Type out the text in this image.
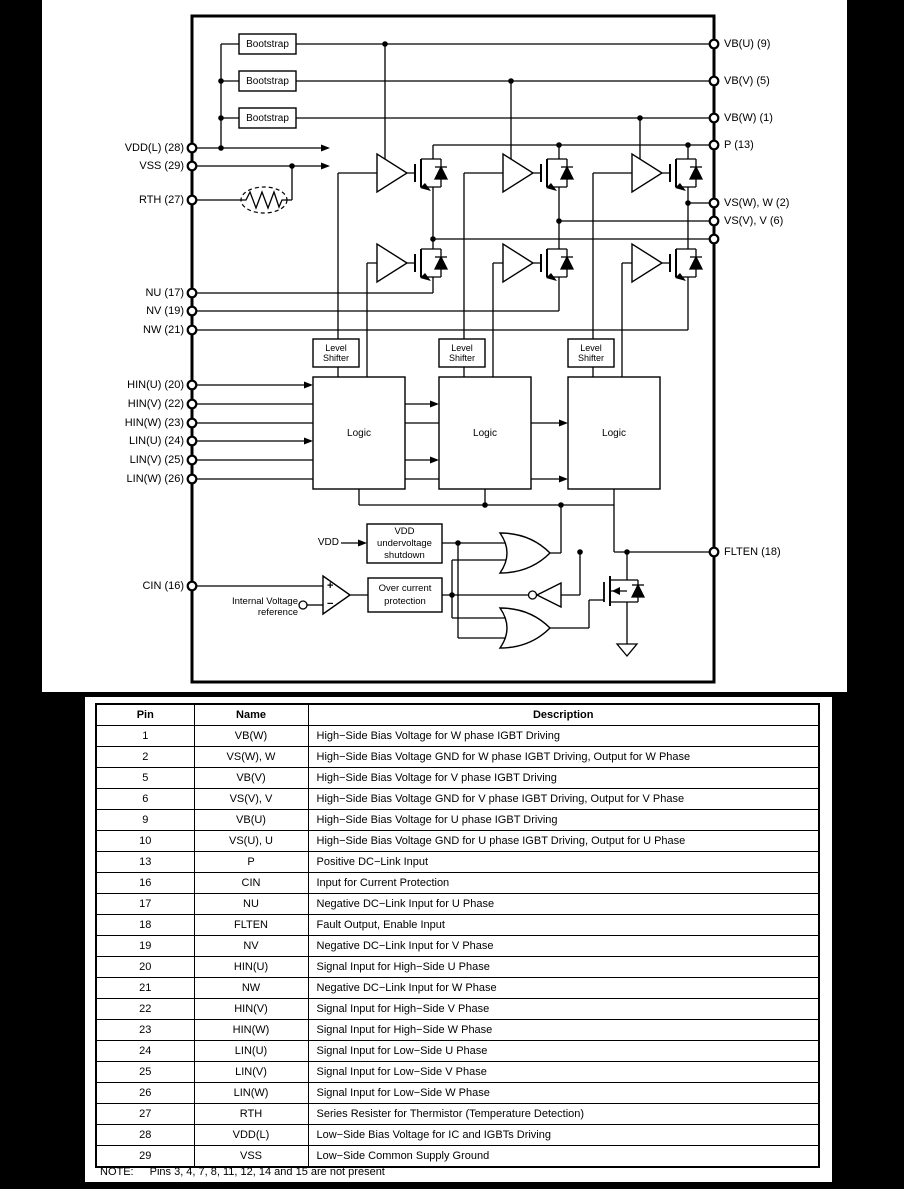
VDD(L) (28)
VSS (29)
RTH (27)
NU (17)
NV (19)
NW (21)
HIN(U) (20)
HIN(V) (22)
HIN(W) (23)
LIN(U) (24)
LIN(V) (25)
LIN(W) (26)
CIN (16)
VB(U) (9)
VB(V) (5)
VB(W) (1)
P (13)
VS(W), W (2)
VS(V), V (6)
FLTEN (18)
Bootstrap
Bootstrap
Bootstrap
Level
Shifter
Level
Shifter
Level
Shifter
Logic	Logic	Logic
VDD
undervoltage
shutdown
Over current
protection
VDD
Internal Voltage
reference
+
−
Pin	Name	Description
1	VB(W)	High−Side Bias Voltage for W phase IGBT Driving
2	VS(W), W	High−Side Bias Voltage GND for W phase IGBT Driving, Output for W Phase
5	VB(V)	High−Side Bias Voltage for V phase IGBT Driving
6	VS(V), V	High−Side Bias Voltage GND for V phase IGBT Driving, Output for V Phase
9	VB(U)	High−Side Bias Voltage for U phase IGBT Driving
10	VS(U), U	High−Side Bias Voltage GND for U phase IGBT Driving, Output for U Phase
13	P	Positive DC−Link Input
16	CIN	Input for Current Protection
17	NU	Negative DC−Link Input for U Phase
18	FLTEN	Fault Output, Enable Input
19	NV	Negative DC−Link Input for V Phase
20	HIN(U)	Signal Input for High−Side U Phase
21	NW	Negative DC−Link Input for W Phase
22	HIN(V)	Signal Input for High−Side V Phase
23	HIN(W)	Signal Input for High−Side W Phase
24	LIN(U)	Signal Input for Low−Side U Phase
25	LIN(V)	Signal Input for Low−Side V Phase
26	LIN(W)	Signal Input for Low−Side W Phase
27	RTH	Series Resister for Thermistor (Temperature Detection)
28	VDD(L)	Low−Side Bias Voltage for IC and IGBTs Driving
29	VSS	Low−Side Common Supply Ground
NOTE: Pins 3, 4, 7, 8, 11, 12, 14 and 15 are not present
